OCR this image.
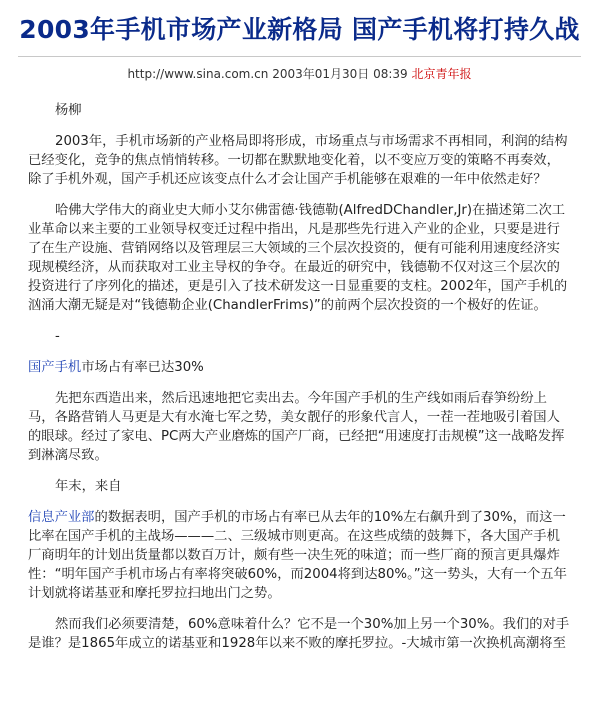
2003年手机市场产业新格局 国产手机将打持久战
http://www.sina.com.cn 2003年01月30日 08:39 北京青年报

杨柳

2003年，手机市场新的产业格局即将形成，市场重点与市场需求不再相同，利润的结构已经变化，竞争的焦点悄悄转移。一切都在默默地变化着，以不变应万变的策略不再奏效，除了手机外观，国产手机还应该变点什么才会让国产手机能够在艰难的一年中依然走好？

哈佛大学伟大的商业史大师小艾尔佛雷德·钱德勒(AlfredDChandler,Jr)在描述第二次工业革命以来主要的工业领导权变迁过程中指出，凡是那些先行进入产业的企业，只要是进行了在生产设施、营销网络以及管理层三大领域的三个层次投资的，便有可能利用速度经济实现规模经济，从而获取对工业主导权的争夺。在最近的研究中，钱德勒不仅对这三个层次的投资进行了序列化的描述，更是引入了技术研发这一日显重要的支柱。2002年，国产手机的汹涌大潮无疑是对“钱德勒企业(ChandlerFrims)”的前两个层次投资的一个极好的佐证。

-

国产手机市场占有率已达30%

先把东西造出来，然后迅速地把它卖出去。今年国产手机的生产线如雨后春笋纷纷上马，各路营销人马更是大有水淹七军之势，美女靓仔的形象代言人，一茬一茬地吸引着国人的眼球。经过了家电、PC两大产业磨炼的国产厂商，已经把“用速度打击规模”这一战略发挥到淋漓尽致。

年末，来自

信息产业部的数据表明，国产手机的市场占有率已从去年的10%左右飙升到了30%，而这一比率在国产手机的主战场———二、三级城市则更高。在这些成绩的鼓舞下，各大国产手机厂商明年的计划出货量都以数百万计，颇有些一决生死的味道；而一些厂商的预言更具爆炸性：“明年国产手机市场占有率将突破60%，而2004将到达80%。”这一势头，大有一个五年计划就将诺基亚和摩托罗拉扫地出门之势。

然而我们必须要清楚，60%意味着什么？它不是一个30%加上另一个30%。我们的对手是谁？是1865年成立的诺基亚和1928年以来不败的摩托罗拉。-大城市第一次换机高潮将至
